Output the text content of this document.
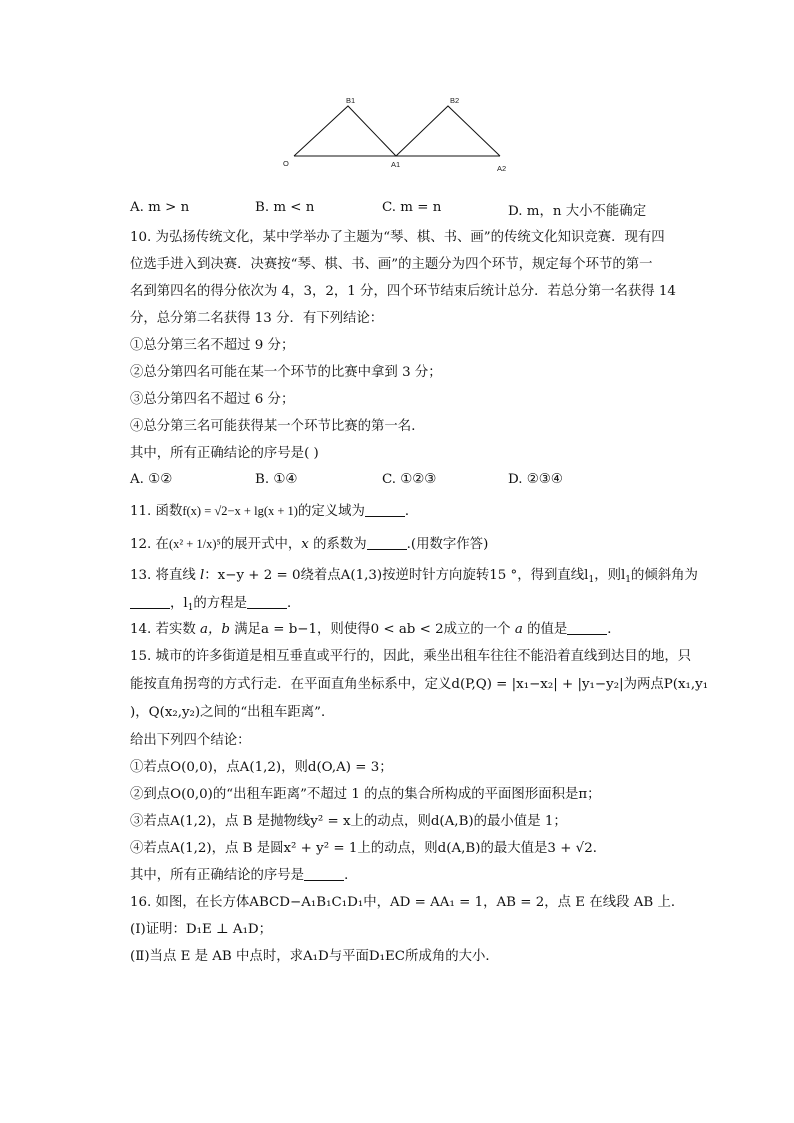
O
B1
A1
B2
A2
A. m > n	B. m < n	C. m = n	D. m，n 大小不能确定
10. 为弘扬传统文化，某中学举办了主题为“琴、棋、书、画”的传统文化知识竞赛．现有四
位选手进入到决赛．决赛按“琴、棋、书、画”的主题分为四个环节，规定每个环节的第一
名到第四名的得分依次为 4，3，2，1 分，四个环节结束后统计总分．若总分第一名获得 14
分，总分第二名获得 13 分．有下列结论：
①总分第三名不超过 9 分；
②总分第四名可能在某一个环节的比赛中拿到 3 分；
③总分第四名不超过 6 分；
④总分第三名可能获得某一个环节比赛的第一名．
其中，所有正确结论的序号是( )
A. ①②	B. ①④	C. ①②③	D. ②③④
11. 函数f(x) = √2−x + lg(x + 1)的定义域为	．
12. 在(x² + 1/x)⁵的展开式中，x 的系数为	.(用数字作答)
13. 将直线 l：x−y + 2 = 0绕着点A(1,3)按逆时针方向旋转15 °，得到直线$l_1$，则$l_1$的倾斜角为
，$l_1$的方程是	．
14. 若实数 a，b 满足a = b−1，则使得0 < ab < 2成立的一个 a 的值是	．
15. 城市的许多街道是相互垂直或平行的，因此，乘坐出租车往往不能沿着直线到达目的地，只
能按直角拐弯的方式行走．在平面直角坐标系中，定义d(P,Q) = |x₁−x₂| + |y₁−y₂|为两点P(x₁,y₁
)，Q(x₂,y₂)之间的“出租车距离”．
给出下列四个结论：
①若点O(0,0)，点A(1,2)，则d(O,A) = 3；
②到点O(0,0)的“出租车距离”不超过 1 的点的集合所构成的平面图形面积是π；
③若点A(1,2)，点 B 是抛物线y² = x上的动点，则d(A,B)的最小值是 1；
④若点A(1,2)，点 B 是圆x² + y² = 1上的动点，则d(A,B)的最大值是3 + √2．
其中，所有正确结论的序号是	．
16. 如图，在长方体ABCD−A₁B₁C₁D₁中，AD = AA₁ = 1，AB = 2，点 E 在线段 AB 上．
(Ⅰ)证明：D₁E ⊥ A₁D；
(Ⅱ)当点 E 是 AB 中点时，求A₁D与平面D₁EC所成角的大小．
